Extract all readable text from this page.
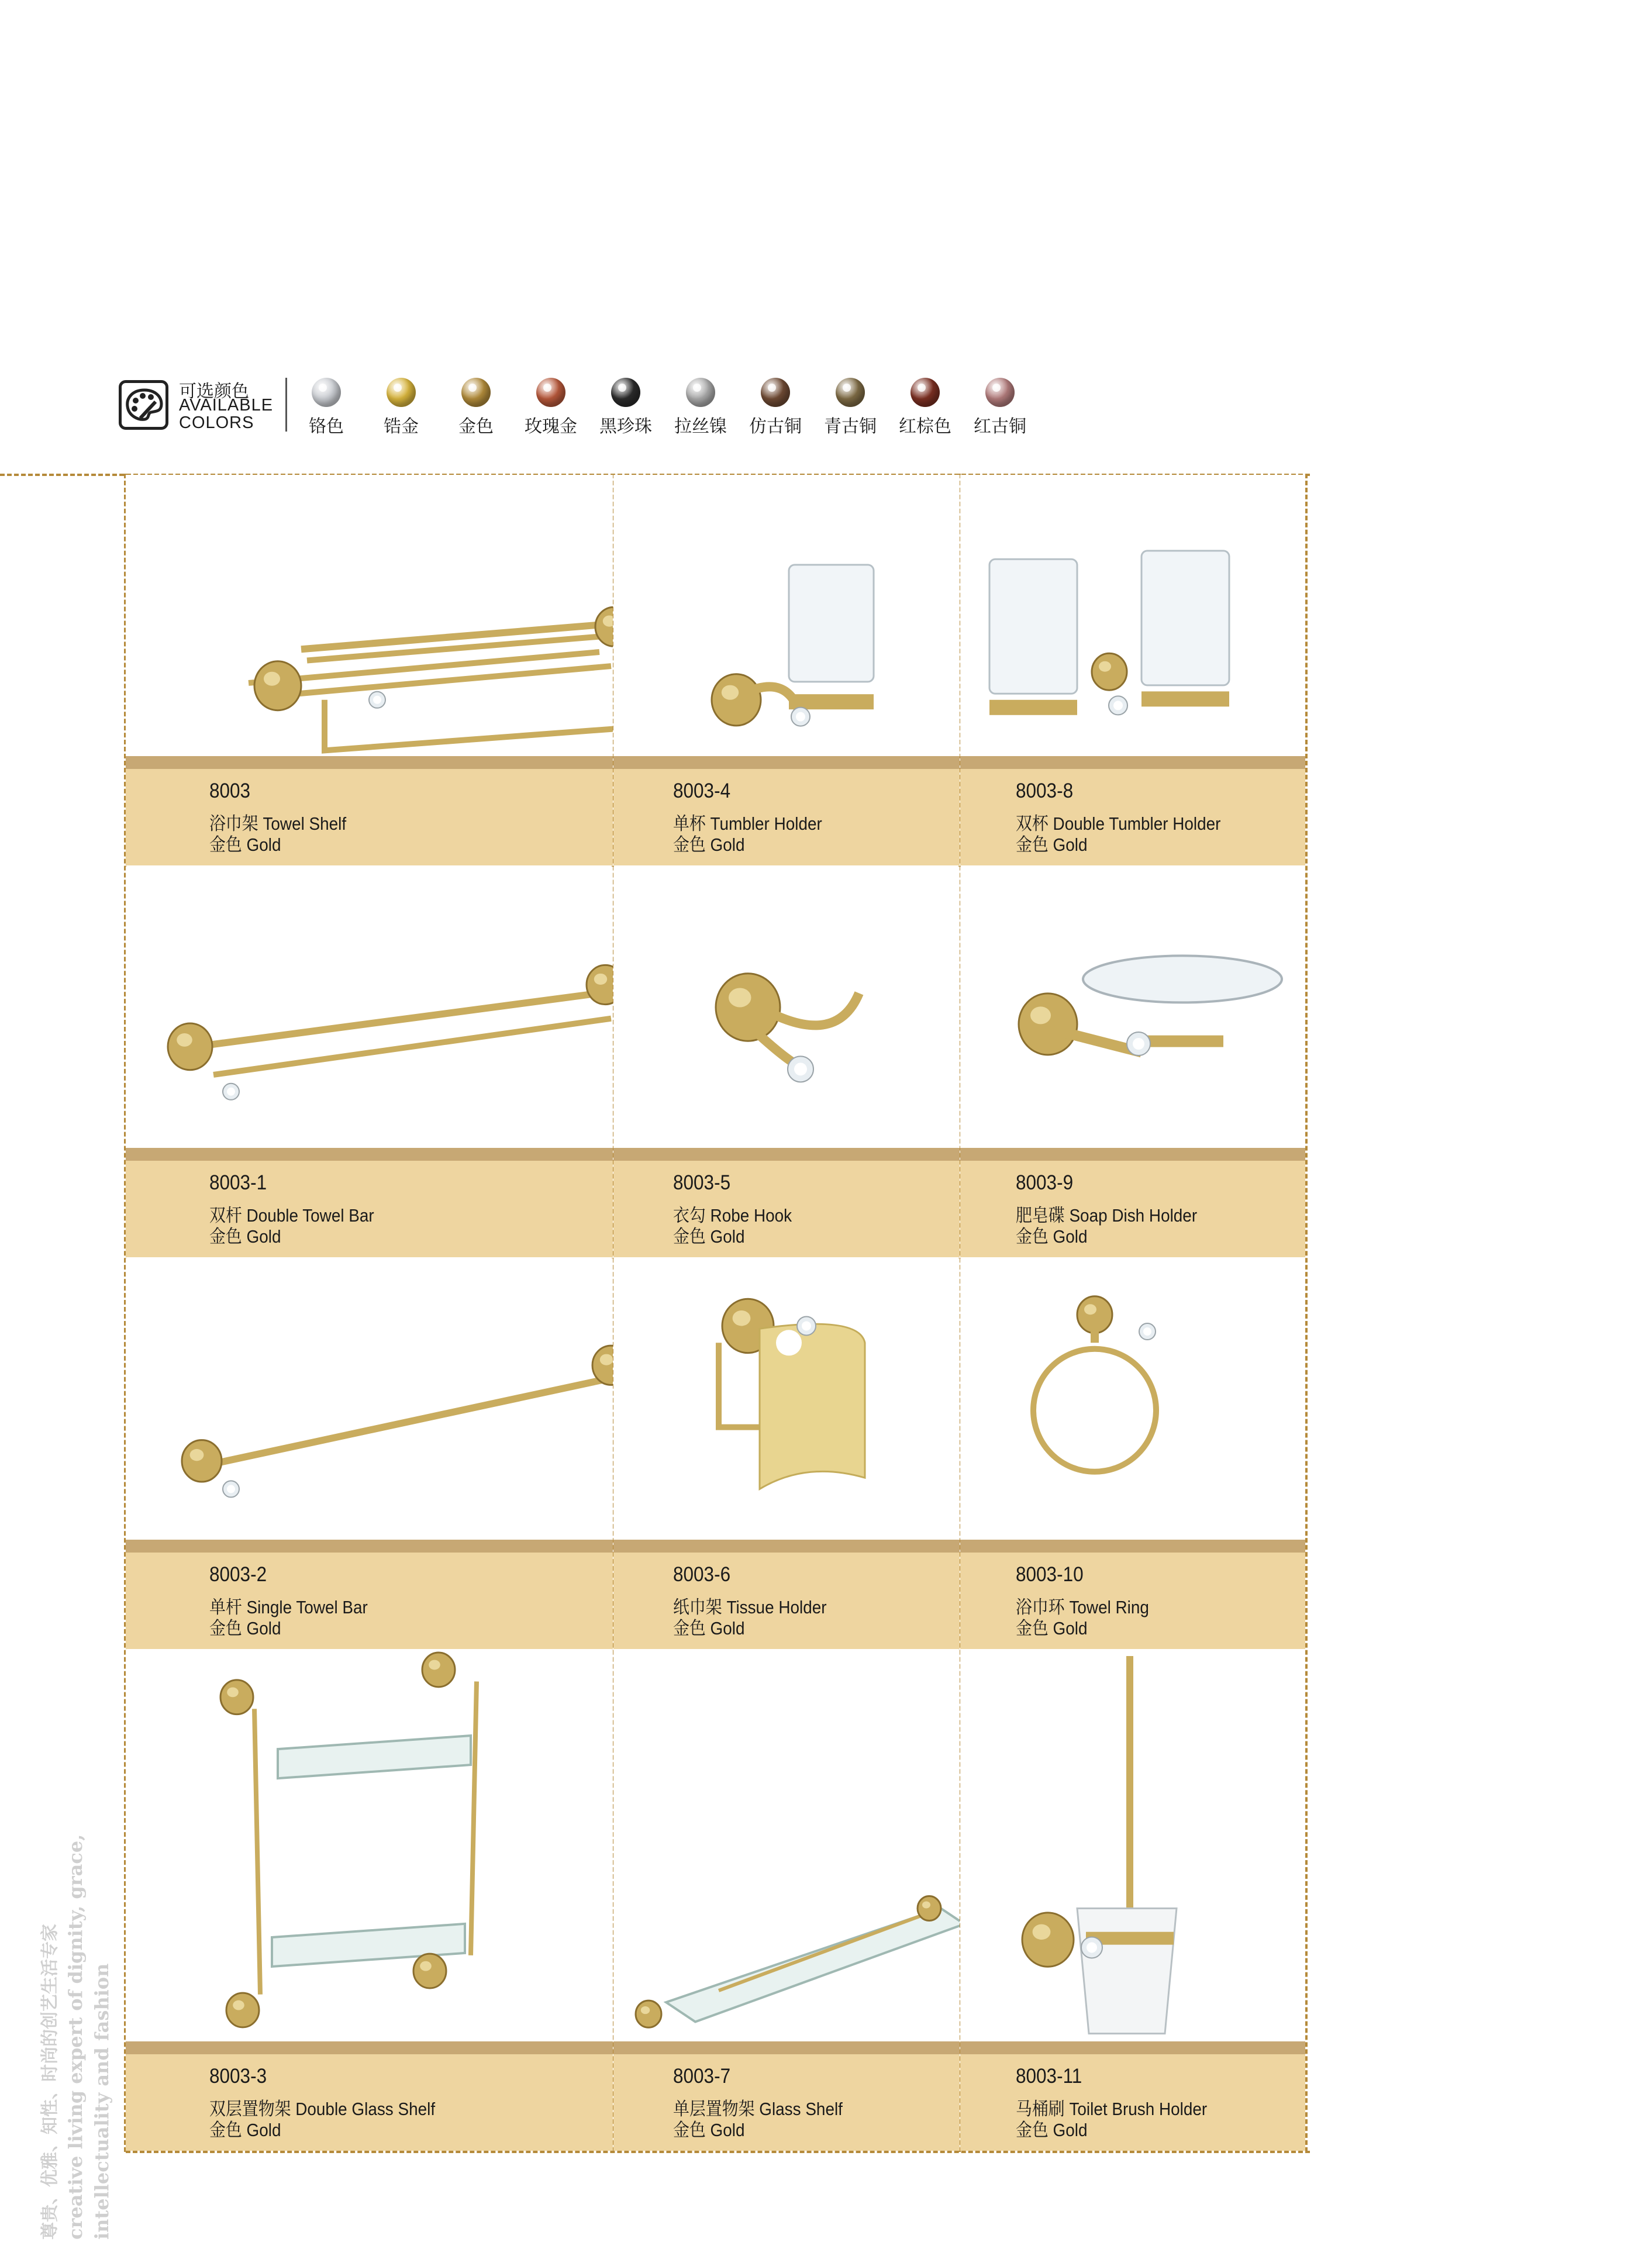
可选颜色
AVAILABLE COLORS	铬色	锆金	金色	玫瑰金	黑珍珠	拉丝镍	仿古铜	青古铜	红棕色	红古铜
8003
浴巾架 Towel Shelf
金色 Gold
8003-4
单杯 Tumbler Holder
金色 Gold
8003-8
双杯 Double Tumbler Holder
金色 Gold
8003-1
双杆 Double Towel Bar
金色 Gold
8003-5
衣勾 Robe Hook
金色 Gold
8003-9
肥皂碟 Soap Dish Holder
金色 Gold
8003-2
单杆 Single Towel Bar
金色 Gold
8003-6
纸巾架 Tissue Holder
金色 Gold
8003-10
浴巾环 Towel Ring
金色 Gold
8003-3
双层置物架 Double Glass Shelf
金色 Gold
8003-7
单层置物架 Glass Shelf
金色 Gold
8003-11
马桶刷 Toilet Brush Holder
金色 Gold
尊贵、优雅、知性、时尚的创艺生活专家 creative living expert of dignity, grace, intellectuality and fashion
